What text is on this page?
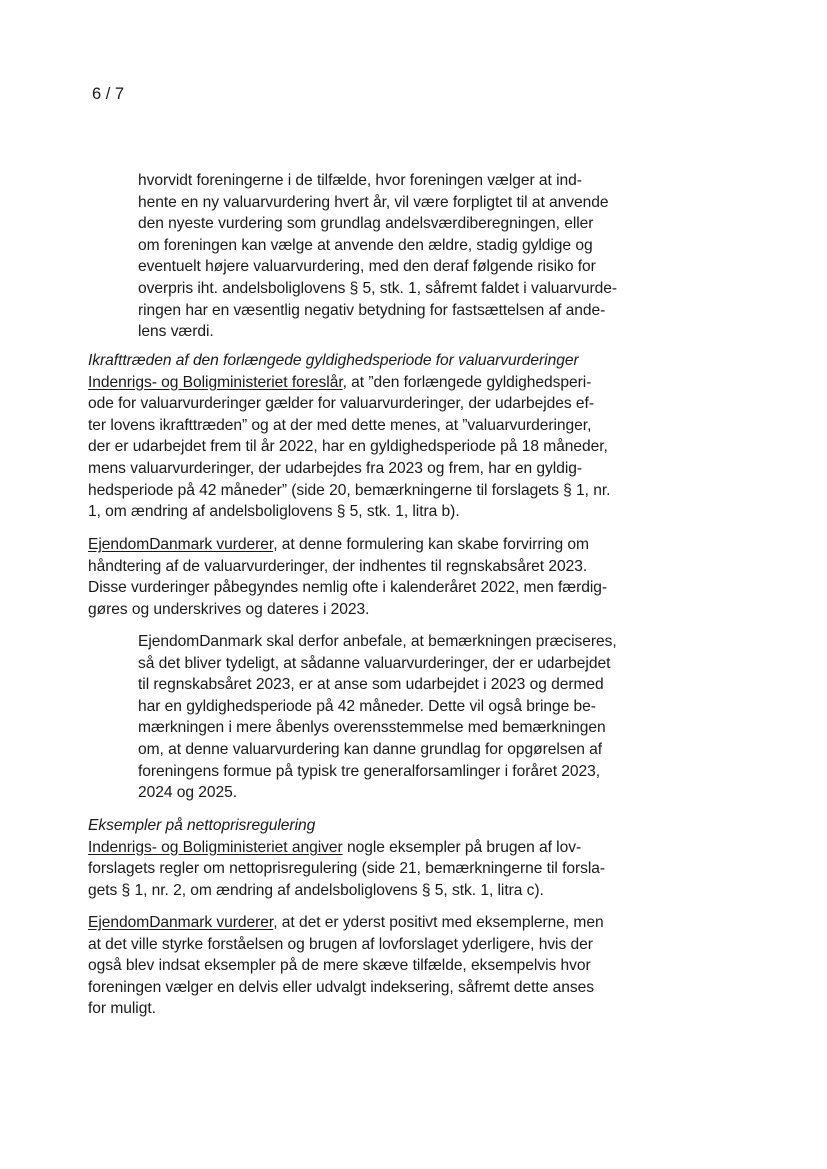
6 / 7
hvorvidt foreningerne i de tilfælde, hvor foreningen vælger at ind-
hente en ny valuarvurdering hvert år, vil være forpligtet til at anvende
den nyeste vurdering som grundlag andelsværdiberegningen, eller
om foreningen kan vælge at anvende den ældre, stadig gyldige og
eventuelt højere valuarvurdering, med den deraf følgende risiko for
overpris iht. andelsboliglovens § 5, stk. 1, såfremt faldet i valuarvurde-
ringen har en væsentlig negativ betydning for fastsættelsen af ande-
lens værdi.
Ikrafttræden af den forlængede gyldighedsperiode for valuarvurderinger
Indenrigs- og Boligministeriet foreslår, at ”den forlængede gyldighedsperi-
ode for valuarvurderinger gælder for valuarvurderinger, der udarbejdes ef-
ter lovens ikrafttræden” og at der med dette menes, at ”valuarvurderinger,
der er udarbejdet frem til år 2022, har en gyldighedsperiode på 18 måneder,
mens valuarvurderinger, der udarbejdes fra 2023 og frem, har en gyldig-
hedsperiode på 42 måneder” (side 20, bemærkningerne til forslagets § 1, nr.
1, om ændring af andelsboliglovens § 5, stk. 1, litra b).
EjendomDanmark vurderer, at denne formulering kan skabe forvirring om
håndtering af de valuarvurderinger, der indhentes til regnskabsåret 2023.
Disse vurderinger påbegyndes nemlig ofte i kalenderåret 2022, men færdig-
gøres og underskrives og dateres i 2023.
EjendomDanmark skal derfor anbefale, at bemærkningen præciseres,
så det bliver tydeligt, at sådanne valuarvurderinger, der er udarbejdet
til regnskabsåret 2023, er at anse som udarbejdet i 2023 og dermed
har en gyldighedsperiode på 42 måneder. Dette vil også bringe be-
mærkningen i mere åbenlys overensstemmelse med bemærkningen
om, at denne valuarvurdering kan danne grundlag for opgørelsen af
foreningens formue på typisk tre generalforsamlinger i foråret 2023,
2024 og 2025.
Eksempler på nettoprisregulering
Indenrigs- og Boligministeriet angiver nogle eksempler på brugen af lov-
forslagets regler om nettoprisregulering (side 21, bemærkningerne til forsla-
gets § 1, nr. 2, om ændring af andelsboliglovens § 5, stk. 1, litra c).
EjendomDanmark vurderer, at det er yderst positivt med eksemplerne, men
at det ville styrke forståelsen og brugen af lovforslaget yderligere, hvis der
også blev indsat eksempler på de mere skæve tilfælde, eksempelvis hvor
foreningen vælger en delvis eller udvalgt indeksering, såfremt dette anses
for muligt.
